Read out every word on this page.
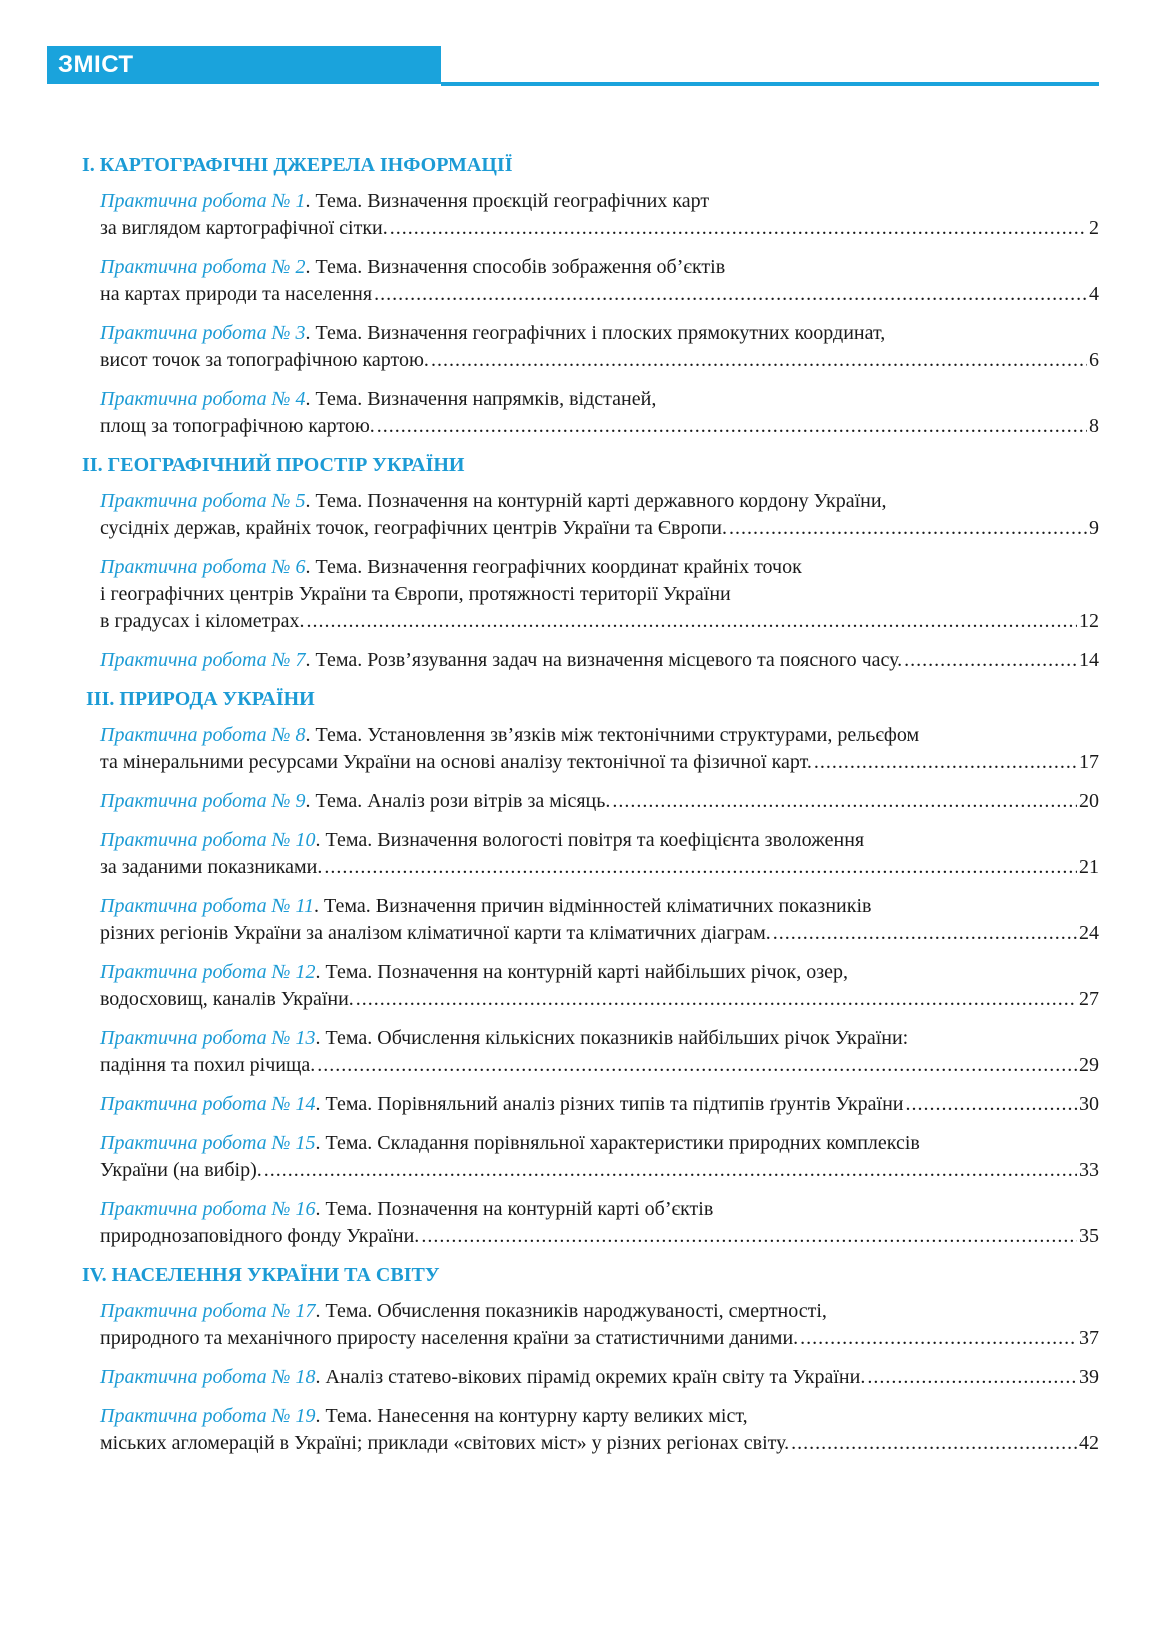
ЗМІСТ
І. КАРТОГРАФІЧНІ ДЖЕРЕЛА ІНФОРМАЦІЇ
Практична робота № 1. Тема. Визначення проєкцій географічних карт
за виглядом картографічної сітки. .....	2
Практична робота № 2. Тема. Визначення способів зображення об’єктів
на картах природи та населення .....	4
Практична робота № 3. Тема. Визначення географічних і плоских прямокутних координат,
висот точок за топографічною картою. .....	6
Практична робота № 4. Тема. Визначення напрямків, відстаней,
площ за топографічною картою. .....	8
ІІ. ГЕОГРАФІЧНИЙ ПРОСТІР УКРАЇНИ
Практична робота № 5. Тема. Позначення на контурній карті державного кордону України,
сусідніх держав, крайніх точок, географічних центрів України та Європи. .....	9
Практична робота № 6. Тема. Визначення географічних координат крайніх точок
і географічних центрів України та Європи, протяжності території України
в градусах і кілометрах. .....	12
Практична робота № 7. Тема. Розв’язування задач на визначення місцевого та поясного часу. .....	14
ІІІ. ПРИРОДА УКРАЇНИ
Практична робота № 8. Тема. Установлення зв’язків між тектонічними структурами, рельєфом
та мінеральними ресурсами України на основі аналізу тектонічної та фізичної карт. .....	17
Практична робота № 9. Тема. Аналіз рози вітрів за місяць. .....	20
Практична робота № 10. Тема. Визначення вологості повітря та коефіцієнта зволоження
за заданими показниками. .....	21
Практична робота № 11. Тема. Визначення причин відмінностей кліматичних показників
різних регіонів України за аналізом кліматичної карти та кліматичних діаграм. .....	24
Практична робота № 12. Тема. Позначення на контурній карті найбільших річок, озер,
водосховищ, каналів України. .....	27
Практична робота № 13. Тема. Обчислення кількісних показників найбільших річок України:
падіння та похил річища. .....	29
Практична робота № 14. Тема. Порівняльний аналіз різних типів та підтипів ґрунтів України .....	30
Практична робота № 15. Тема. Складання порівняльної характеристики природних комплексів
України (на вибір). .....	33
Практична робота № 16. Тема. Позначення на контурній карті об’єктів
природнозаповідного фонду України. .....	35
IV. НАСЕЛЕННЯ УКРАЇНИ ТА СВІТУ
Практична робота № 17. Тема. Обчислення показників народжуваності, смертності,
природного та механічного приросту населення країни за статистичними даними. .....	37
Практична робота № 18. Аналіз статево-вікових пірамід окремих країн світу та України. .....	39
Практична робота № 19. Тема. Нанесення на контурну карту великих міст,
міських агломерацій в Україні; приклади «світових міст» у різних регіонах світу. .....	42
